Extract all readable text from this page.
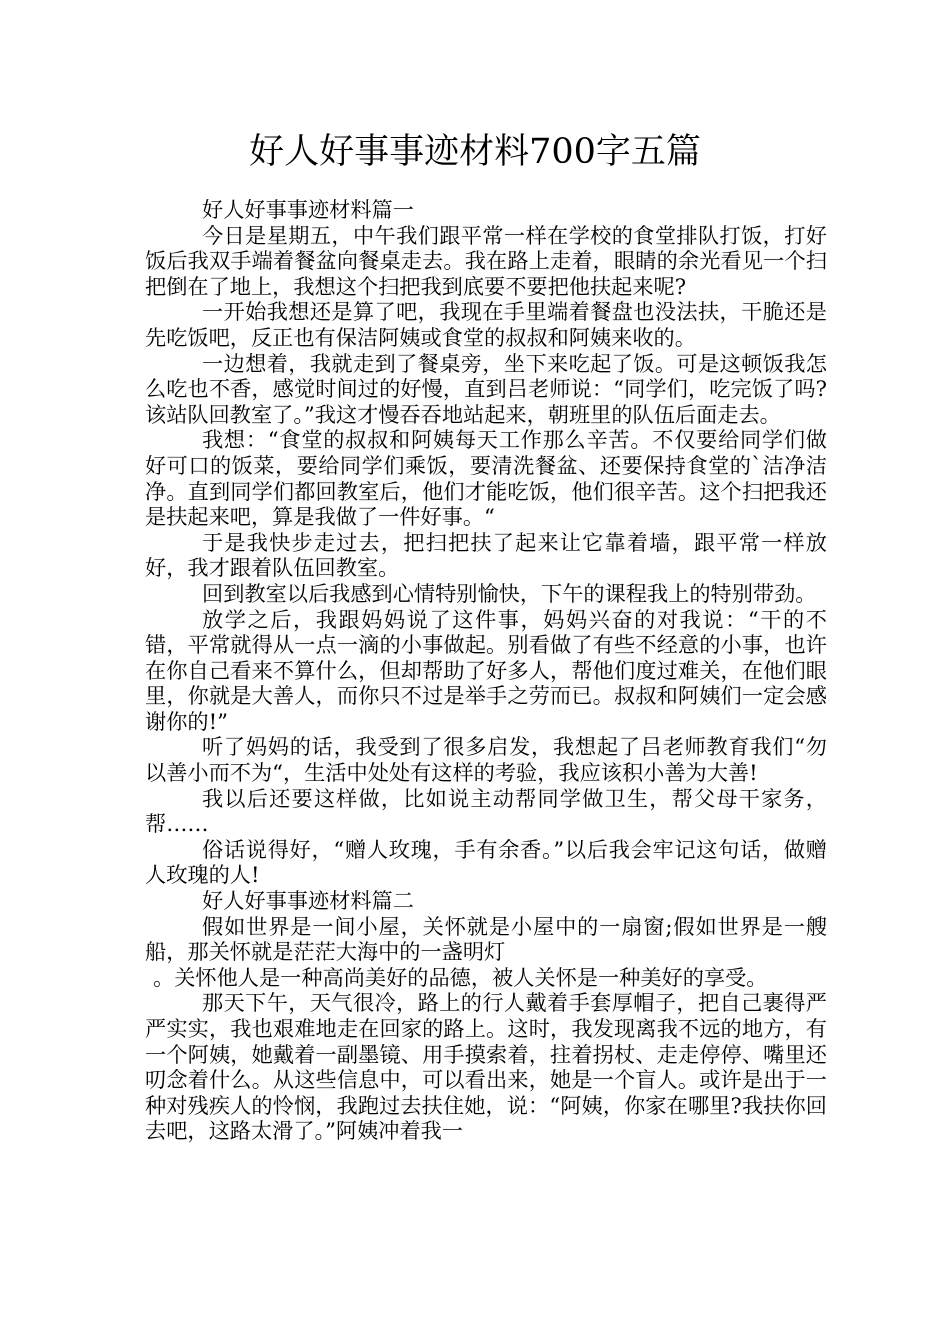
好人好事事迹材料700字五篇

好人好事事迹材料篇一

今日是星期五，中午我们跟平常一样在学校的食堂排队打饭，打好饭后我双手端着餐盆向餐桌走去。我在路上走着，眼睛的余光看见一个扫把倒在了地上，我想这个扫把我到底要不要把他扶起来呢?

一开始我想还是算了吧，我现在手里端着餐盘也没法扶，干脆还是先吃饭吧，反正也有保洁阿姨或食堂的叔叔和阿姨来收的。

一边想着，我就走到了餐桌旁，坐下来吃起了饭。可是这顿饭我怎么吃也不香，感觉时间过的好慢，直到吕老师说：“同学们，吃完饭了吗?该站队回教室了。”我这才慢吞吞地站起来，朝班里的队伍后面走去。

我想：“食堂的叔叔和阿姨每天工作那么辛苦。不仅要给同学们做好可口的饭菜，要给同学们乘饭，要清洗餐盆、还要保持食堂的`洁净洁净。直到同学们都回教室后，他们才能吃饭，他们很辛苦。这个扫把我还是扶起来吧，算是我做了一件好事。“

于是我快步走过去，把扫把扶了起来让它靠着墙，跟平常一样放好，我才跟着队伍回教室。

回到教室以后我感到心情特别愉快，下午的课程我上的特别带劲。

放学之后，我跟妈妈说了这件事，妈妈兴奋的对我说：“干的不错，平常就得从一点一滴的小事做起。别看做了有些不经意的小事，也许在你自己看来不算什么，但却帮助了好多人，帮他们度过难关，在他们眼里，你就是大善人，而你只不过是举手之劳而已。叔叔和阿姨们一定会感谢你的!”

听了妈妈的话，我受到了很多启发，我想起了吕老师教育我们“勿以善小而不为“，生活中处处有这样的考验，我应该积小善为大善!

我以后还要这样做，比如说主动帮同学做卫生，帮父母干家务，帮……

俗话说得好，“赠人玫瑰，手有余香。”以后我会牢记这句话，做赠人玫瑰的人!

好人好事事迹材料篇二

假如世界是一间小屋，关怀就是小屋中的一扇窗;假如世界是一艘船，那关怀就是茫茫大海中的一盏明灯

。关怀他人是一种高尚美好的品德，被人关怀是一种美好的享受。

那天下午，天气很冷，路上的行人戴着手套厚帽子，把自己裹得严严实实，我也艰难地走在回家的路上。这时，我发现离我不远的地方，有一个阿姨，她戴着一副墨镜、用手摸索着，拄着拐杖、走走停停、嘴里还叨念着什么。从这些信息中，可以看出来，她是一个盲人。或许是出于一种对残疾人的怜悯，我跑过去扶住她，说：“阿姨，你家在哪里?我扶你回去吧，这路太滑了。”阿姨冲着我一
